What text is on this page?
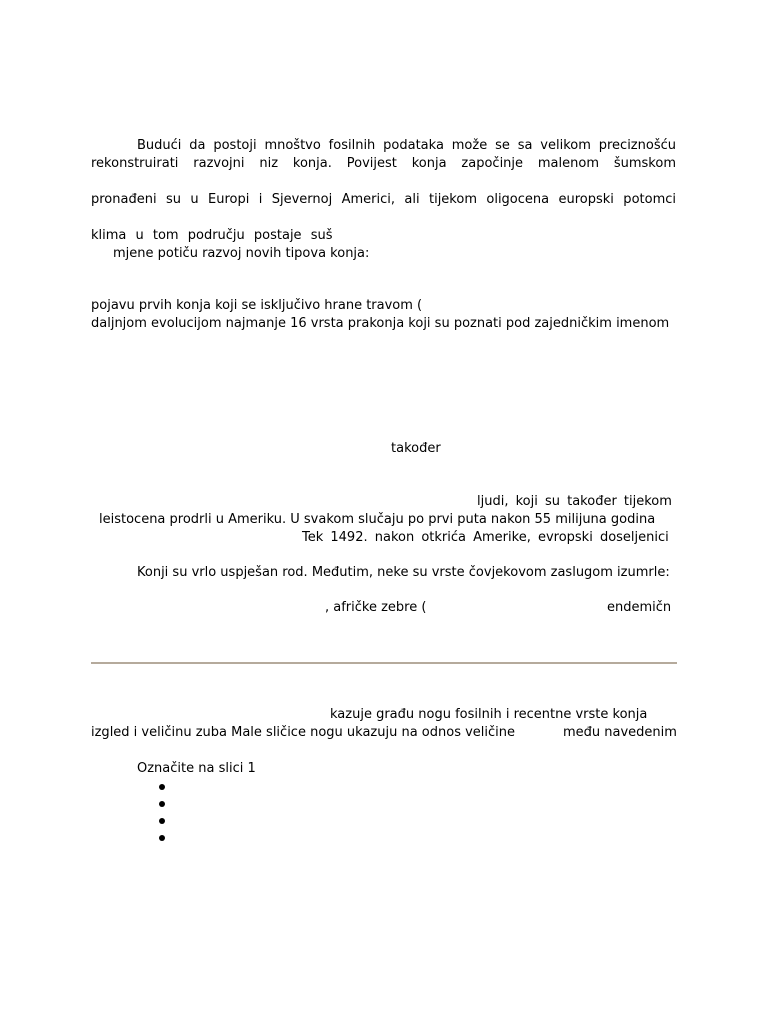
Budući da postoji mnoštvo fosilnih podataka može se sa velikom preciznošću
rekonstruirati razvojni niz konja. Povijest konja započinje malenom šumskom
pronađeni su u Europi i Sjevernoj Americi, ali tijekom oligocena europski potomci
klima u tom području postaje suš
mjene potiču razvoj novih tipova konja:
pojavu prvih konja koji se isključivo hrane travom (
daljnjom evolucijom najmanje 16 vrsta prakonja koji su poznati pod zajedničkim imenom
također
ljudi, koji su također tijekom
leistocena prodrli u Ameriku. U svakom slučaju po prvi puta nakon 55 milijuna godina
Tek 1492. nakon otkrića Amerike, evropski doseljenici
Konji su vrlo uspješan rod. Međutim, neke su vrste čovjekovom zaslugom izumrle:
, afričke zebre (	endemičn
kazuje građu nogu fosilnih i recentne vrste konja
izgled i veličinu zuba Male sličice nogu ukazuju na odnos veličine	među navedenim
Označite na slici 1
